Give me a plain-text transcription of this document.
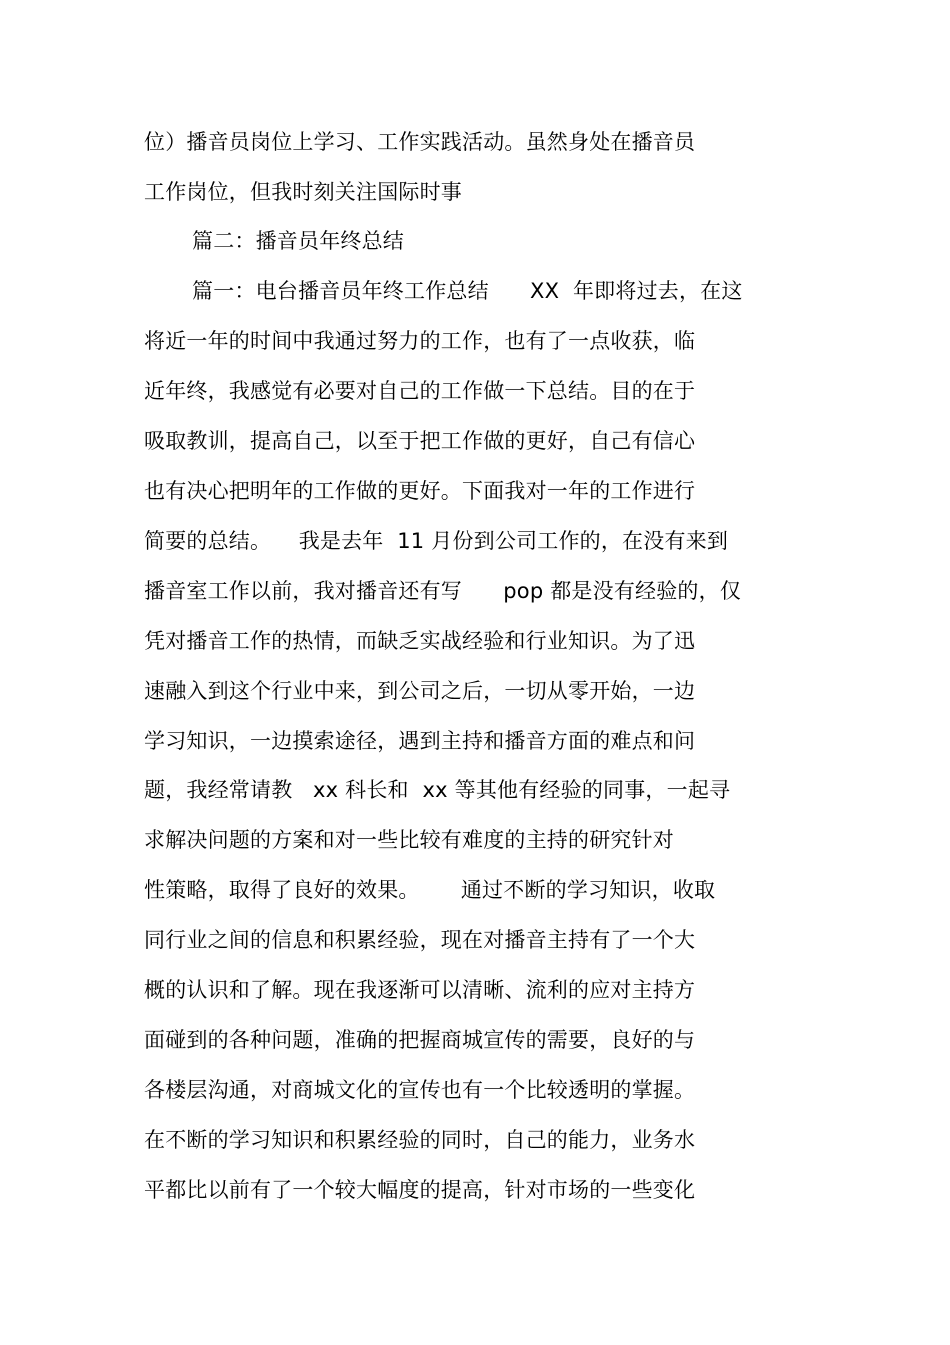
位）播音员岗位上学习、工作实践活动。虽然身处在播音员
工作岗位，但我时刻关注国际时事
篇二：播音员年终总结
篇一：电台播音员年终工作总结      XX  年即将过去，在这
将近一年的时间中我通过努力的工作，也有了一点收获，临
近年终，我感觉有必要对自己的工作做一下总结。目的在于
吸取教训，提高自己，以至于把工作做的更好，自己有信心
也有决心把明年的工作做的更好。下面我对一年的工作进行
简要的总结。    我是去年  11 月份到公司工作的，在没有来到
播音室工作以前，我对播音还有写      pop 都是没有经验的，仅
凭对播音工作的热情，而缺乏实战经验和行业知识。为了迅
速融入到这个行业中来，到公司之后，一切从零开始，一边
学习知识，一边摸索途径，遇到主持和播音方面的难点和问
题，我经常请教   xx 科长和  xx 等其他有经验的同事，一起寻
求解决问题的方案和对一些比较有难度的主持的研究针对
性策略，取得了良好的效果。      通过不断的学习知识，收取
同行业之间的信息和积累经验，现在对播音主持有了一个大
概的认识和了解。现在我逐渐可以清晰、流利的应对主持方
面碰到的各种问题，准确的把握商城宣传的需要，良好的与
各楼层沟通，对商城文化的宣传也有一个比较透明的掌握。
在不断的学习知识和积累经验的同时，自己的能力，业务水
平都比以前有了一个较大幅度的提高，针对市场的一些变化
